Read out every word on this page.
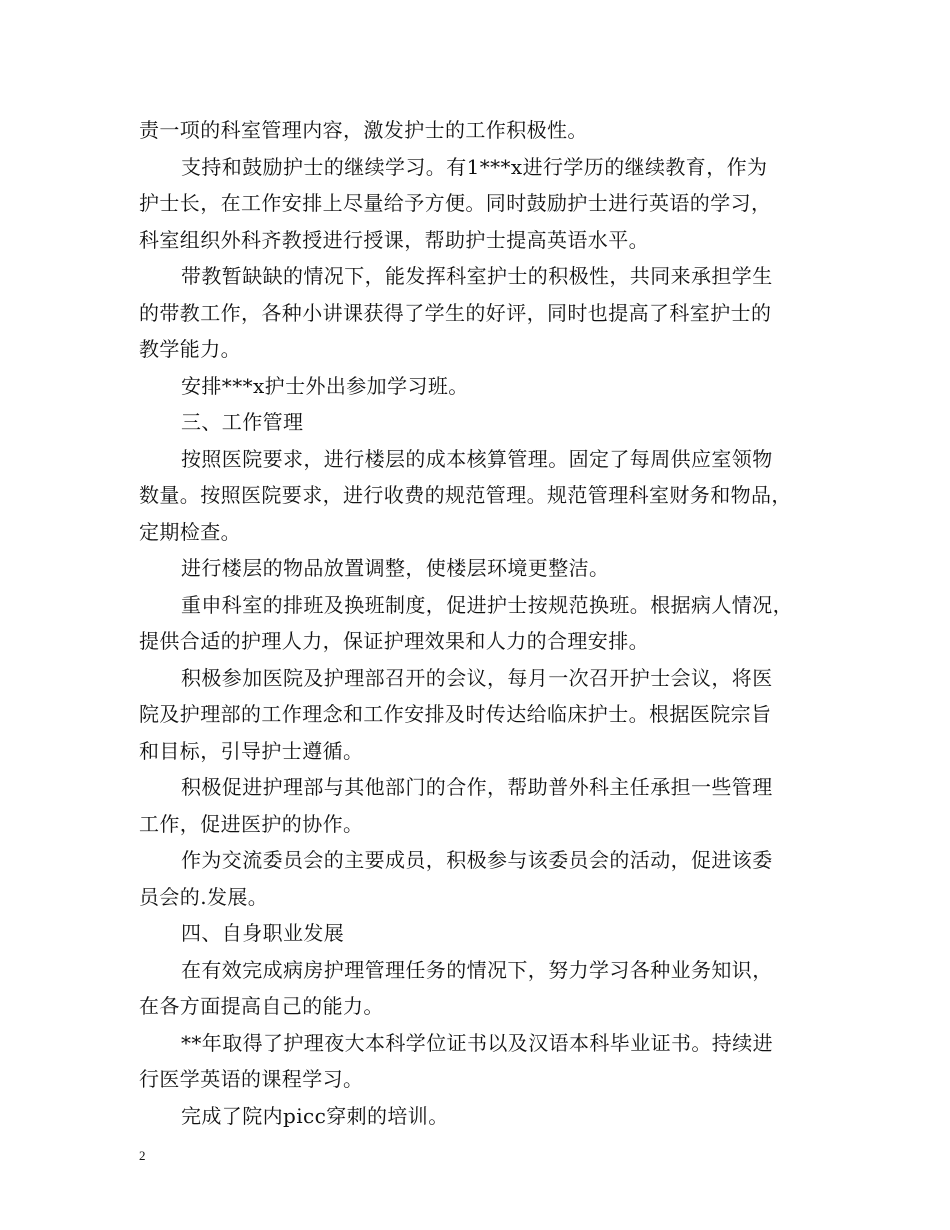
责一项的科室管理内容，激发护士的工作积极性。
支持和鼓励护士的继续学习。有1***x进行学历的继续教育，作为
护士长，在工作安排上尽量给予方便。同时鼓励护士进行英语的学习，
科室组织外科齐教授进行授课，帮助护士提高英语水平。
带教暂缺缺的情况下，能发挥科室护士的积极性，共同来承担学生
的带教工作，各种小讲课获得了学生的好评，同时也提高了科室护士的
教学能力。
安排***x护士外出参加学习班。
三、工作管理
按照医院要求，进行楼层的成本核算管理。固定了每周供应室领物
数量。按照医院要求，进行收费的规范管理。规范管理科室财务和物品，
定期检查。
进行楼层的物品放置调整，使楼层环境更整洁。
重申科室的排班及换班制度，促进护士按规范换班。根据病人情况，
提供合适的护理人力，保证护理效果和人力的合理安排。
积极参加医院及护理部召开的会议，每月一次召开护士会议，将医
院及护理部的工作理念和工作安排及时传达给临床护士。根据医院宗旨
和目标，引导护士遵循。
积极促进护理部与其他部门的合作，帮助普外科主任承担一些管理
工作，促进医护的协作。
作为交流委员会的主要成员，积极参与该委员会的活动，促进该委
员会的.发展。
四、自身职业发展
在有效完成病房护理管理任务的情况下，努力学习各种业务知识，
在各方面提高自己的能力。
**年取得了护理夜大本科学位证书以及汉语本科毕业证书。持续进
行医学英语的课程学习。
完成了院内picc穿刺的培训。
2
